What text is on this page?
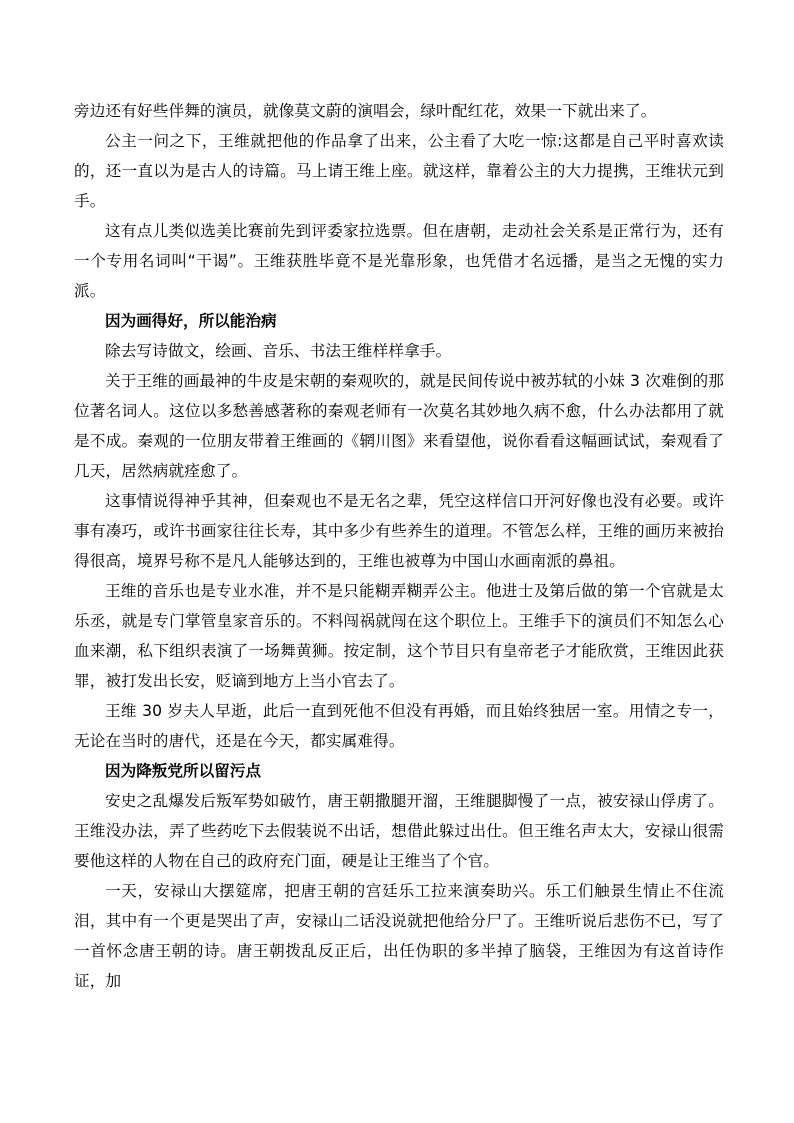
旁边还有好些伴舞的演员，就像莫文蔚的演唱会，绿叶配红花，效果一下就出来了。

公主一问之下，王维就把他的作品拿了出来，公主看了大吃一惊:这都是自己平时喜欢读的，还一直以为是古人的诗篇。马上请王维上座。就这样，靠着公主的大力提携，王维状元到手。

这有点儿类似选美比赛前先到评委家拉选票。但在唐朝，走动社会关系是正常行为，还有一个专用名词叫“干谒”。王维获胜毕竟不是光靠形象，也凭借才名远播，是当之无愧的实力派。

因为画得好，所以能治病

除去写诗做文，绘画、音乐、书法王维样样拿手。

关于王维的画最神的牛皮是宋朝的秦观吹的，就是民间传说中被苏轼的小妹 3 次难倒的那位著名词人。这位以多愁善感著称的秦观老师有一次莫名其妙地久病不愈，什么办法都用了就是不成。秦观的一位朋友带着王维画的《辋川图》来看望他，说你看看这幅画试试，秦观看了几天，居然病就痊愈了。

这事情说得神乎其神，但秦观也不是无名之辈，凭空这样信口开河好像也没有必要。或许事有凑巧，或许书画家往往长寿，其中多少有些养生的道理。不管怎么样，王维的画历来被抬得很高，境界号称不是凡人能够达到的，王维也被尊为中国山水画南派的鼻祖。

王维的音乐也是专业水准，并不是只能糊弄糊弄公主。他进士及第后做的第一个官就是太乐丞，就是专门掌管皇家音乐的。不料闯祸就闯在这个职位上。王维手下的演员们不知怎么心血来潮，私下组织表演了一场舞黄狮。按定制，这个节目只有皇帝老子才能欣赏，王维因此获罪，被打发出长安，贬谪到地方上当小官去了。

王维 30 岁夫人早逝，此后一直到死他不但没有再婚，而且始终独居一室。用情之专一，无论在当时的唐代，还是在今天，都实属难得。

因为降叛党所以留污点

安史之乱爆发后叛军势如破竹，唐王朝撒腿开溜，王维腿脚慢了一点，被安禄山俘虏了。王维没办法，弄了些药吃下去假装说不出话，想借此躲过出仕。但王维名声太大，安禄山很需要他这样的人物在自己的政府充门面，硬是让王维当了个官。

一天，安禄山大摆筵席，把唐王朝的宫廷乐工拉来演奏助兴。乐工们触景生情止不住流泪，其中有一个更是哭出了声，安禄山二话没说就把他给分尸了。王维听说后悲伤不已，写了一首怀念唐王朝的诗。唐王朝拨乱反正后，出任伪职的多半掉了脑袋，王维因为有这首诗作证，加
